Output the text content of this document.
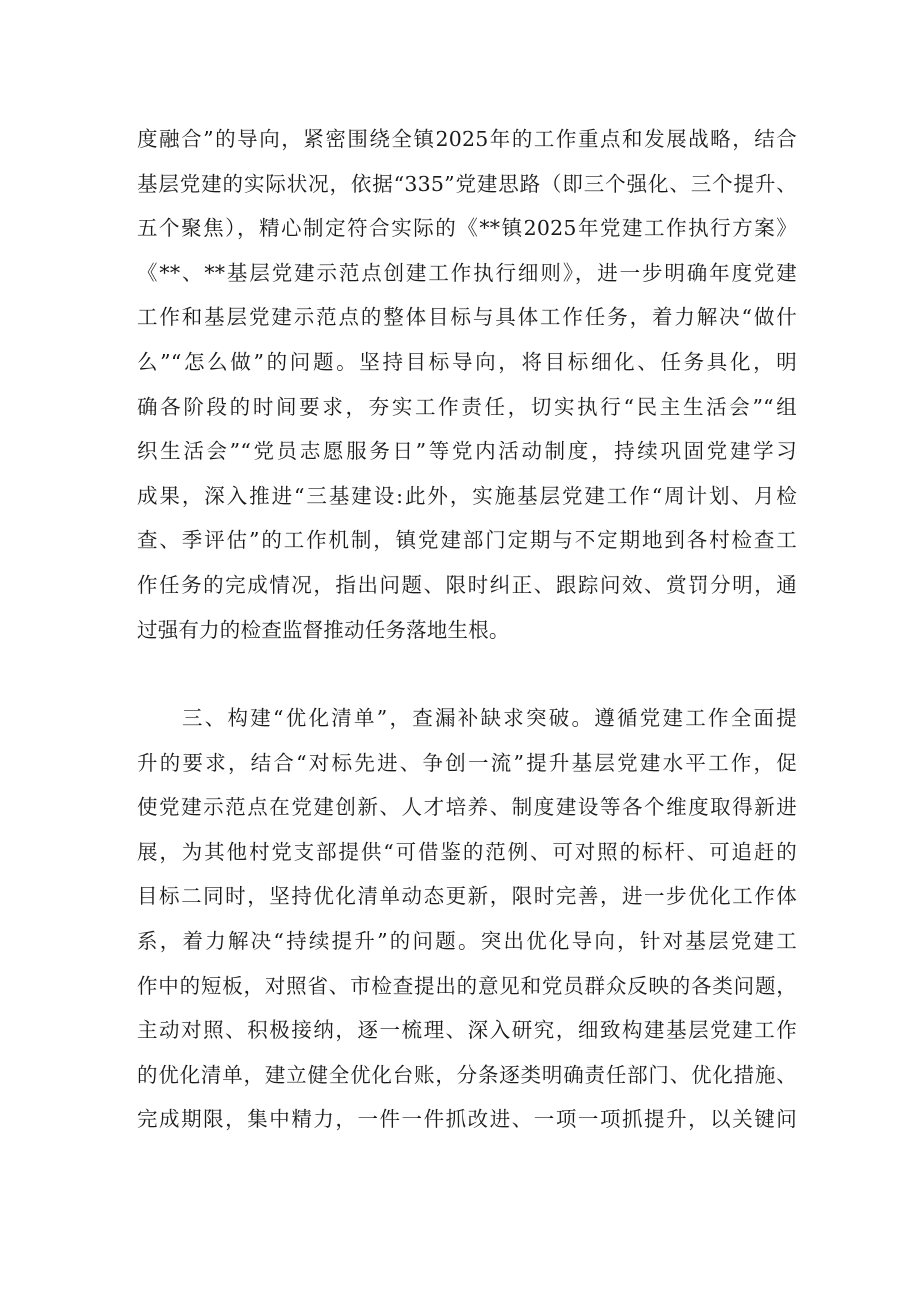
度融合”的导向，紧密围绕全镇2025年的工作重点和发展战略，结合
基层党建的实际状况，依据“335”党建思路（即三个强化、三个提升、
五个聚焦），精心制定符合实际的《**镇2025年党建工作执行方案》
《**、**基层党建示范点创建工作执行细则》，进一步明确年度党建
工作和基层党建示范点的整体目标与具体工作任务，着力解决“做什
么”“怎么做”的问题。坚持目标导向，将目标细化、任务具化，明
确各阶段的时间要求，夯实工作责任，切实执行“民主生活会”“组
织生活会”“党员志愿服务日”等党内活动制度，持续巩固党建学习
成果，深入推进“三基建设:此外，实施基层党建工作“周计划、月检
查、季评估”的工作机制，镇党建部门定期与不定期地到各村检查工
作任务的完成情况，指出问题、限时纠正、跟踪问效、赏罚分明，通
过强有力的检查监督推动任务落地生根。
三、构建“优化清单”，查漏补缺求突破。遵循党建工作全面提
升的要求，结合“对标先进、争创一流”提升基层党建水平工作，促
使党建示范点在党建创新、人才培养、制度建设等各个维度取得新进
展，为其他村党支部提供“可借鉴的范例、可对照的标杆、可追赶的
目标二同时，坚持优化清单动态更新，限时完善，进一步优化工作体
系，着力解决“持续提升”的问题。突出优化导向，针对基层党建工
作中的短板，对照省、市检查提出的意见和党员群众反映的各类问题，
主动对照、积极接纳，逐一梳理、深入研究，细致构建基层党建工作
的优化清单，建立健全优化台账，分条逐类明确责任部门、优化措施、
完成期限，集中精力，一件一件抓改进、一项一项抓提升，以关键问
